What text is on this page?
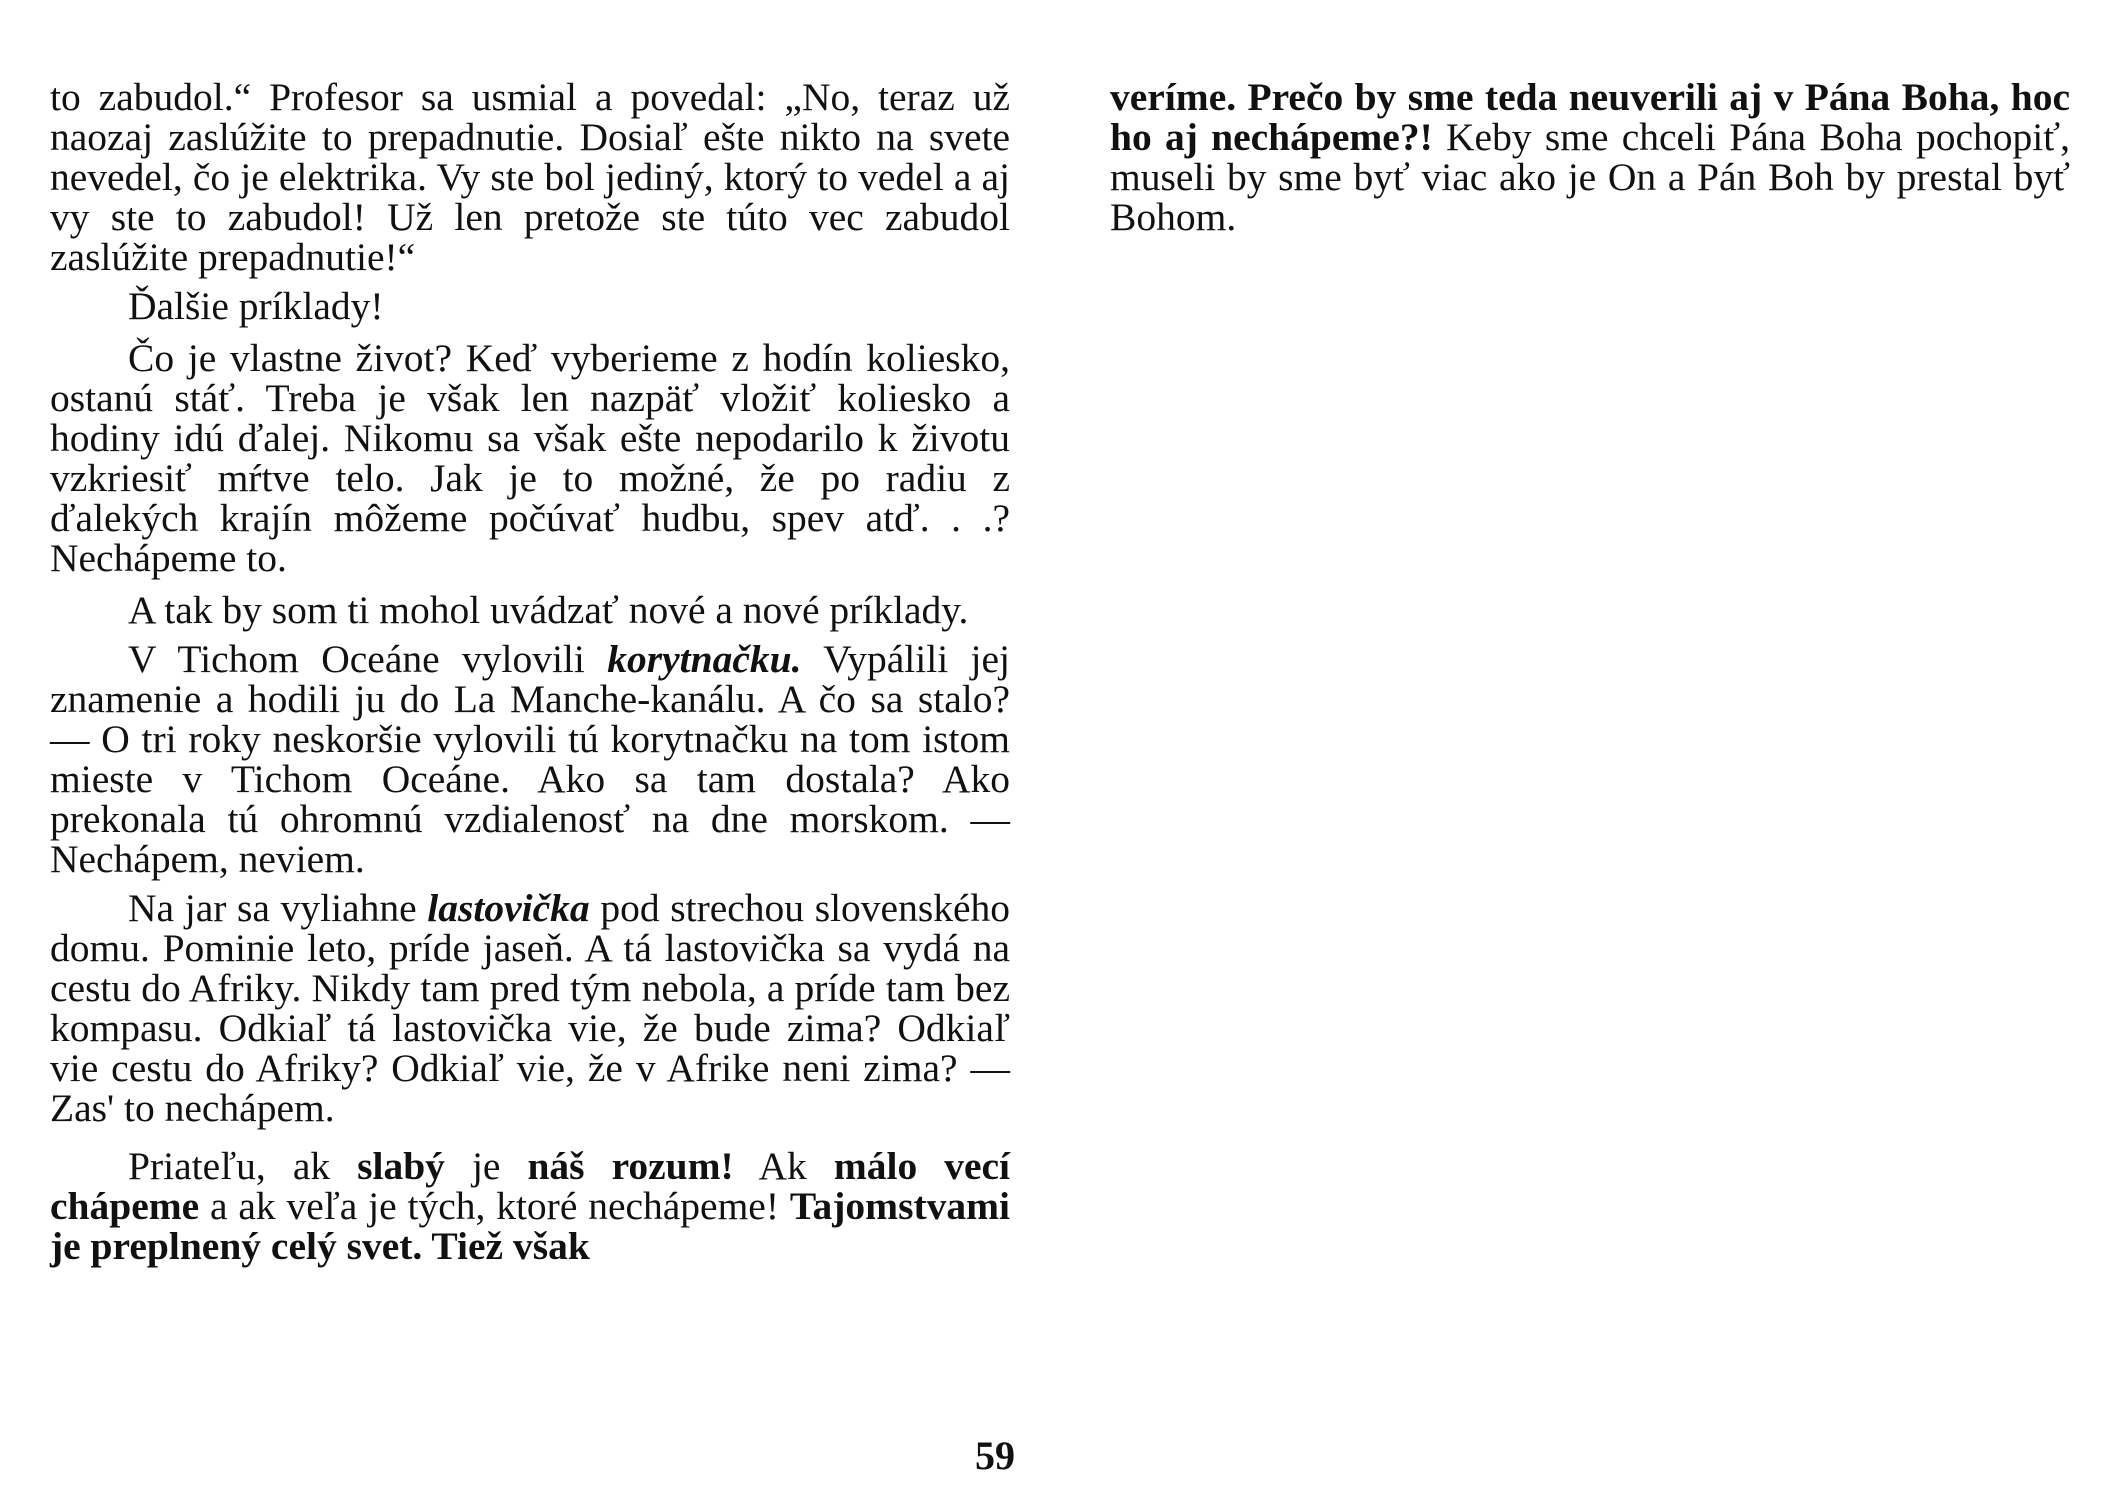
to zabudol.“ Profesor sa usmial a povedal: „No, teraz už naozaj zaslúžite to prepadnutie. Dosiaľ ešte nikto na svete nevedel, čo je elektrika. Vy ste bol jediný, ktorý to vedel a aj vy ste to zabudol! Už len pretože ste túto vec zabudol zaslúžite prepadnutie!“

Ďalšie príklady!

Čo je vlastne život? Keď vyberieme z hodín koliesko, ostanú stáť. Treba je však len nazpäť vložiť koliesko a hodiny idú ďalej. Nikomu sa však ešte nepodarilo k životu vzkriesiť mŕtve telo. Jak je to možné, že po radiu z ďalekých krajín môžeme počúvať hudbu, spev atď. . .? Nechápeme to.

A tak by som ti mohol uvádzať nové a nové príklady.

V Tichom Oceáne vylovili korytnačku. Vypálili jej znamenie a hodili ju do La Manche-kanálu. A čo sa stalo? — O tri roky neskoršie vylovili tú korytnačku na tom istom mieste v Tichom Oceáne. Ako sa tam dostala? Ako prekonala tú ohromnú vzdialenosť na dne morskom. — Nechápem, neviem.

Na jar sa vyliahne lastovička pod strechou slovenského domu. Pominie leto, príde jaseň. A tá lastovička sa vydá na cestu do Afriky. Nikdy tam pred tým nebola, a príde tam bez kompasu. Odkiaľ tá lastovička vie, že bude zima? Odkiaľ vie cestu do Afriky? Odkiaľ vie, že v Afrike neni zima? — Zas' to nechápem.

Priateľu, ak slabý je náš rozum! Ak málo vecí chápeme a ak veľa je tých, ktoré nechápeme! Tajomstvami je preplnený celý svet. Tiež však

veríme. Prečo by sme teda neuverili aj v Pána Boha, hoc ho aj nechápeme?! Keby sme chceli Pána Boha pochopiť, museli by sme byť viac ako je On a Pán Boh by prestal byť Bohom.

59
